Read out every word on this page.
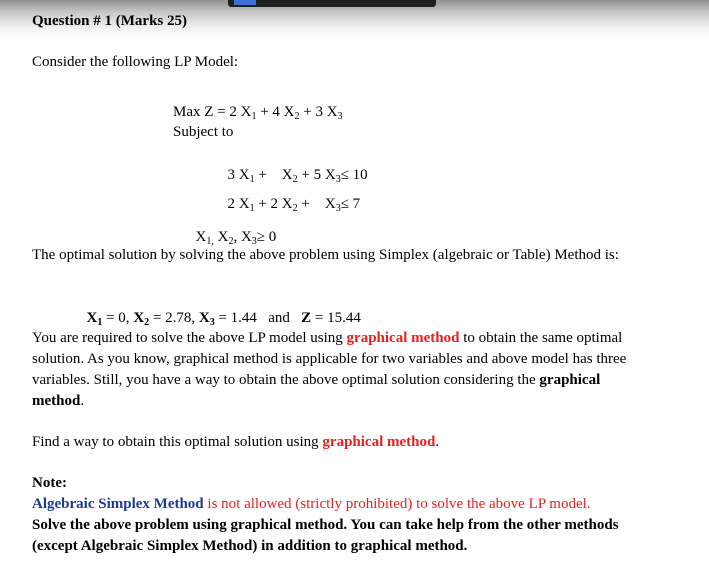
Question # 1 (Marks 25)
Consider the following LP Model:
Max Z = 2 $X_1 + 4$ $X_2 + 3$ $X_3$
Subject to

3 $X_1$ +    $X_2 + 5$ $X_3\le 10$

2 $X_1 + 2$ $X_2$ +    $X_3\le 7$

$X_{1,}$ $X_2$, $X_3\ge 0$

The optimal solution by solving the above problem using Simplex (algebraic or Table) Method is:

$X_1 = 0$, $X_2 = 2.78$, $X_3 = 1.44$   and Z = 15.44

You are required to solve the above LP model using graphical method to obtain the same optimal solution. As you know, graphical method is applicable for two variables and above model has three variables. Still, you have a way to obtain the above optimal solution considering the graphical method.
Find a way to obtain this optimal solution using graphical method.
Note:
Algebraic Simplex Method is not allowed (strictly prohibited) to solve the above LP model.
Solve the above problem using graphical method. You can take help from the other methods (except Algebraic Simplex Method) in addition to graphical method.
